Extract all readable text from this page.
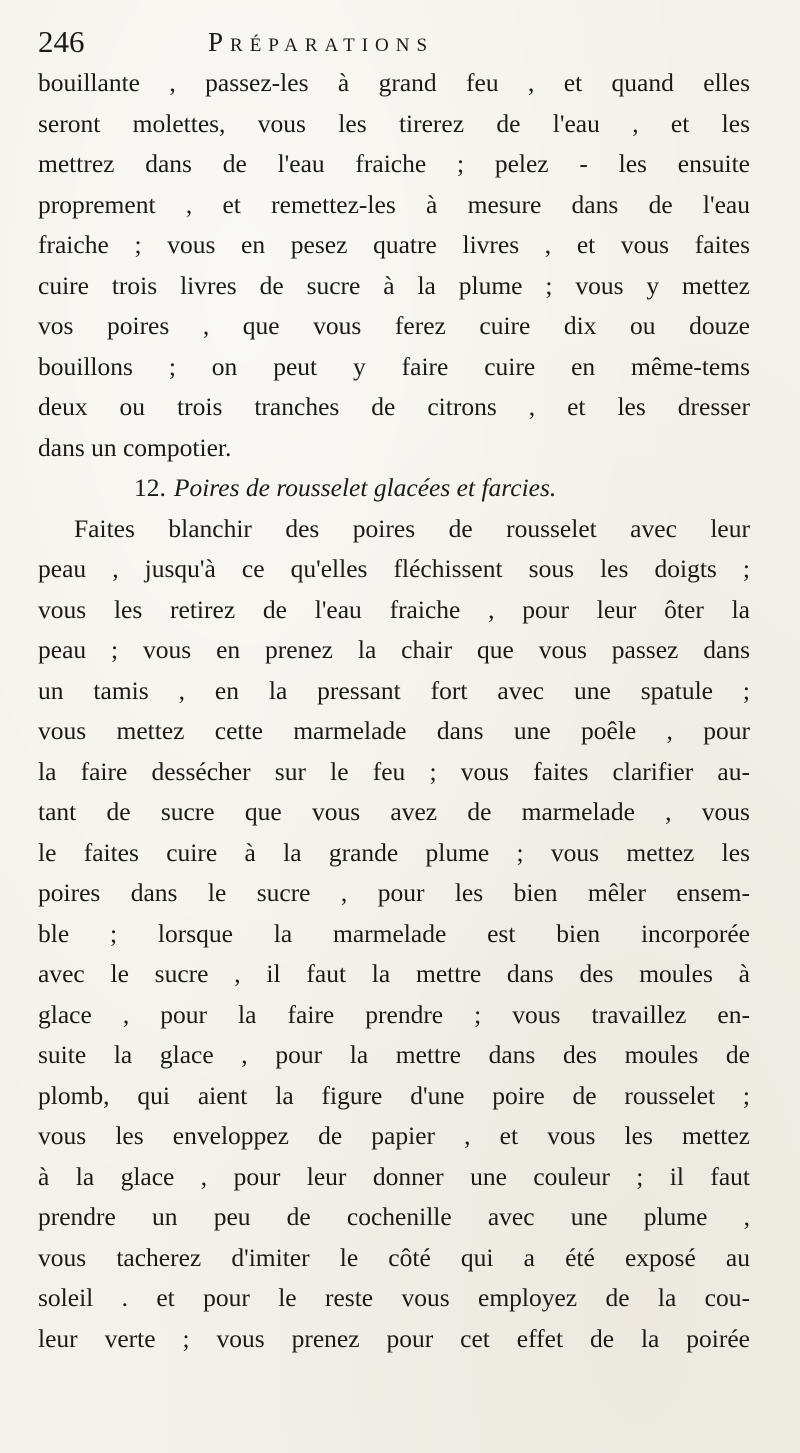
246	Préparations
bouillante , passez-les à grand feu , et quand elles
seront molettes, vous les tirerez de l'eau , et les
mettrez dans de l'eau fraiche ; pelez - les ensuite
proprement , et remettez-les à mesure dans de l'eau
fraiche ; vous en pesez quatre livres , et vous faites
cuire trois livres de sucre à la plume ; vous y mettez
vos poires , que vous ferez cuire dix ou douze
bouillons ; on peut y faire cuire en même-tems
deux ou trois tranches de citrons , et les dresser
dans un compotier.
12. Poires de rousselet glacées et farcies.
Faites blanchir des poires de rousselet avec leur
peau , jusqu'à ce qu'elles fléchissent sous les doigts ;
vous les retirez de l'eau fraiche , pour leur ôter la
peau ; vous en prenez la chair que vous passez dans
un tamis , en la pressant fort avec une spatule ;
vous mettez cette marmelade dans une poêle , pour
la faire dessécher sur le feu ; vous faites clarifier au-
tant de sucre que vous avez de marmelade , vous
le faites cuire à la grande plume ; vous mettez les
poires dans le sucre , pour les bien mêler ensem-
ble ; lorsque la marmelade est bien incorporée
avec le sucre , il faut la mettre dans des moules à
glace , pour la faire prendre ; vous travaillez en-
suite la glace , pour la mettre dans des moules de
plomb, qui aient la figure d'une poire de rousselet ;
vous les enveloppez de papier , et vous les mettez
à la glace , pour leur donner une couleur ; il faut
prendre un peu de cochenille avec une plume ,
vous tacherez d'imiter le côté qui a été exposé au
soleil . et pour le reste vous employez de la cou-
leur verte ; vous prenez pour cet effet de la poirée
